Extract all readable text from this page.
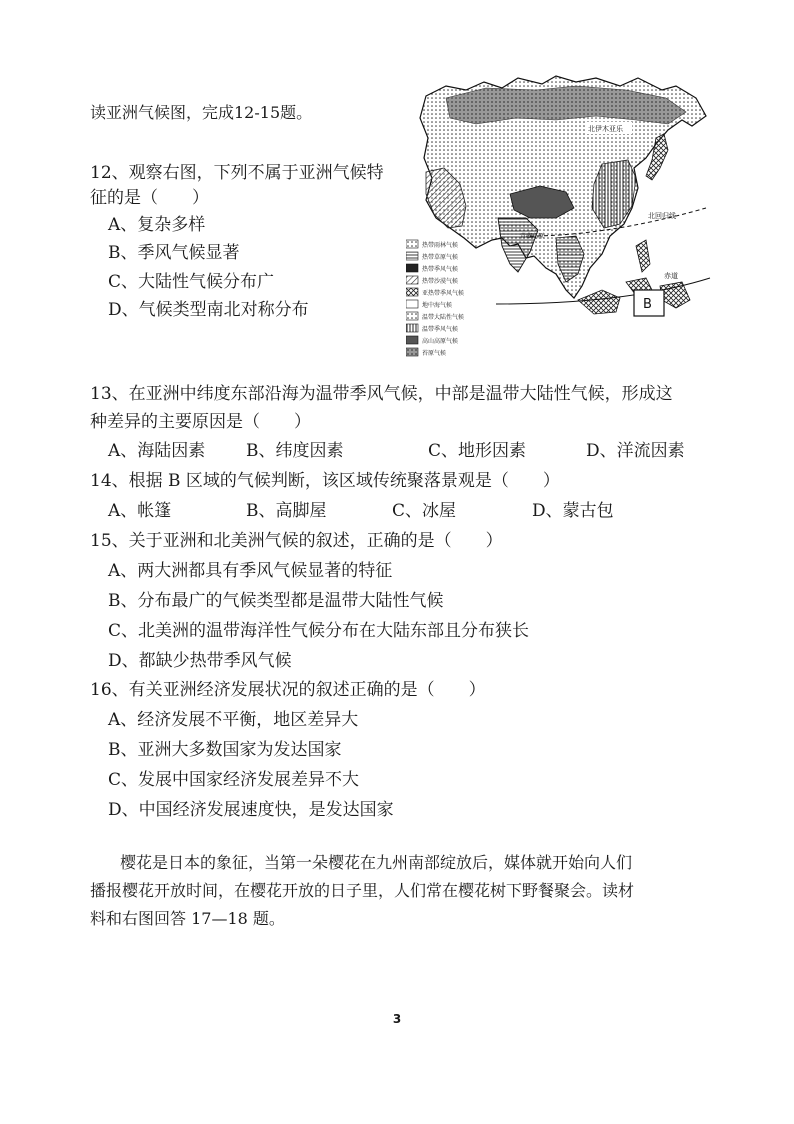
读亚洲气候图，完成12-15题。
12、观察右图，下列不属于亚洲气候特
征的是（　　）
A、复杂多样
B、季风气候显著
C、大陆性气候分布广
D、气候类型南北对称分布	B
北伊木亚乐
北回归线
赤道
青藏高原
热带雨林气候
热带草原气候
热带季风气候
热带沙漠气候
亚热带季风气候
地中海气候
温带大陆性气候
温带季风气候
高山高原气候
苔原气候
13、在亚洲中纬度东部沿海为温带季风气候，中部是温带大陆性气候，形成这
种差异的主要原因是（　　）
A、海陆因素 B、纬度因素	C、地形因素	D、洋流因素
14、根据 B 区域的气候判断，该区域传统聚落景观是（　　）
A、帐篷	B、高脚屋	C、冰屋	D、蒙古包
15、关于亚洲和北美洲气候的叙述，正确的是（　　）
A、两大洲都具有季风气候显著的特征
B、分布最广的气候类型都是温带大陆性气候
C、北美洲的温带海洋性气候分布在大陆东部且分布狭长
D、都缺少热带季风气候
16、有关亚洲经济发展状况的叙述正确的是（　　）
A、经济发展不平衡，地区差异大
B、亚洲大多数国家为发达国家
C、发展中国家经济发展差异不大
D、中国经济发展速度快，是发达国家
樱花是日本的象征，当第一朵樱花在九州南部绽放后，媒体就开始向人们
播报樱花开放时间，在樱花开放的日子里，人们常在樱花树下野餐聚会。读材
料和右图回答 17—18 题。
3
